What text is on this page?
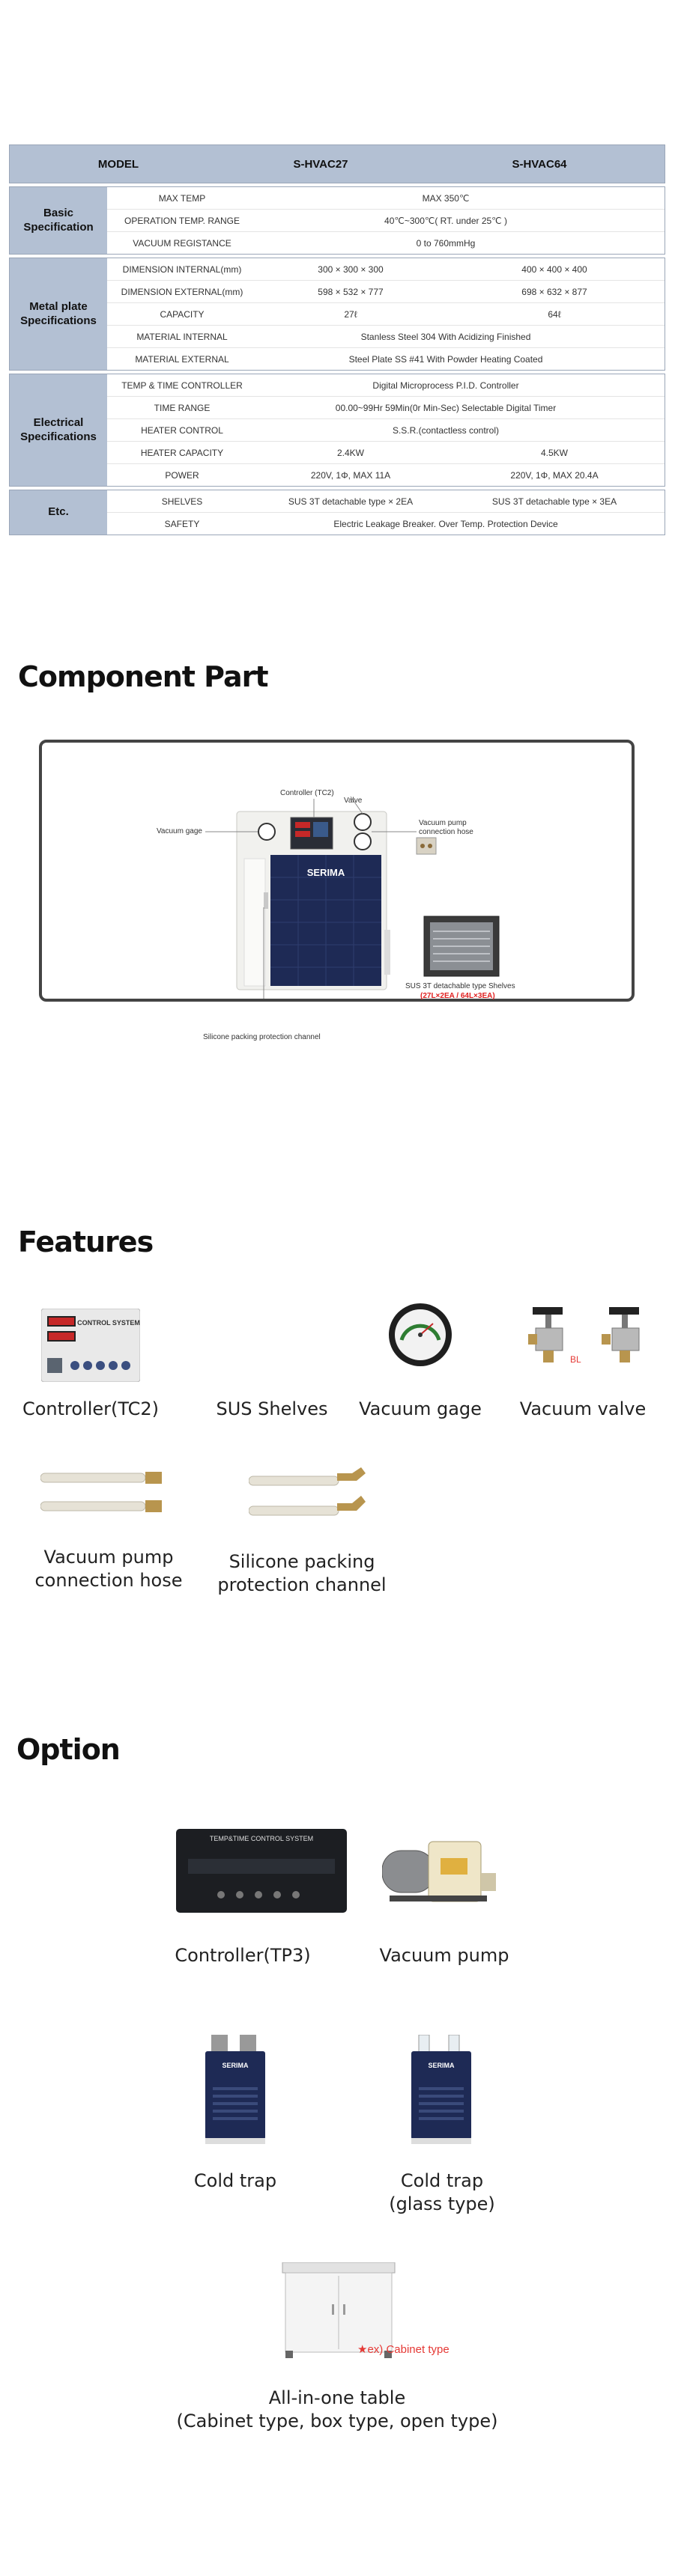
MODEL	S-HVAC27	S-HVAC64
Basic Specification
MAX TEMP	MAX 350℃
OPERATION TEMP. RANGE	40℃~300℃( RT. under 25℃ )
VACUUM REGISTANCE	0 to 760mmHg
Metal plate Specifications
DIMENSION INTERNAL(mm)	300 × 300 × 300	400 × 400 × 400
DIMENSION EXTERNAL(mm)	598 × 532 × 777	698 × 632 × 877
CAPACITY	27ℓ	64ℓ
MATERIAL INTERNAL	Stanless Steel 304 With Acidizing Finished
MATERIAL EXTERNAL	Steel Plate SS #41 With Powder Heating Coated
Electrical Specifications
TEMP & TIME CONTROLLER	Digital Microprocess P.I.D. Controller
TIME RANGE	00.00~99Hr 59Min(0r Min-Sec) Selectable Digital Timer
HEATER CONTROL	S.S.R.(contactless control)
HEATER CAPACITY	2.4KW	4.5KW
POWER	220V, 1Φ, MAX 11A	220V, 1Φ, MAX 20.4A
Etc.
SHELVES	SUS 3T detachable type × 2EA	SUS 3T detachable type × 3EA
SAFETY	Electric Leakage Breaker. Over Temp. Protection Device
Component Part
SERIMA
Vacuum gage
Controller (TC2)
Valve
Vacuum pump connection hose
SUS 3T detachable type Shelves
(27L×2EA / 64L×3EA)
Silicone packing protection channel
Features
CONTROL SYSTEM
Controller(TC2)	SUS Shelves	Vacuum gage
BL
Vacuum valve
Vacuum pump
connection hose
Silicone packing
protection channel
Option
TEMP&TIME CONTROL SYSTEM
Controller(TP3)	Vacuum pump
SERIMA
Cold trap
SERIMA
Cold trap
(glass type)
★ex) Cabinet type
All-in-one table
(Cabinet type, box type, open type)
